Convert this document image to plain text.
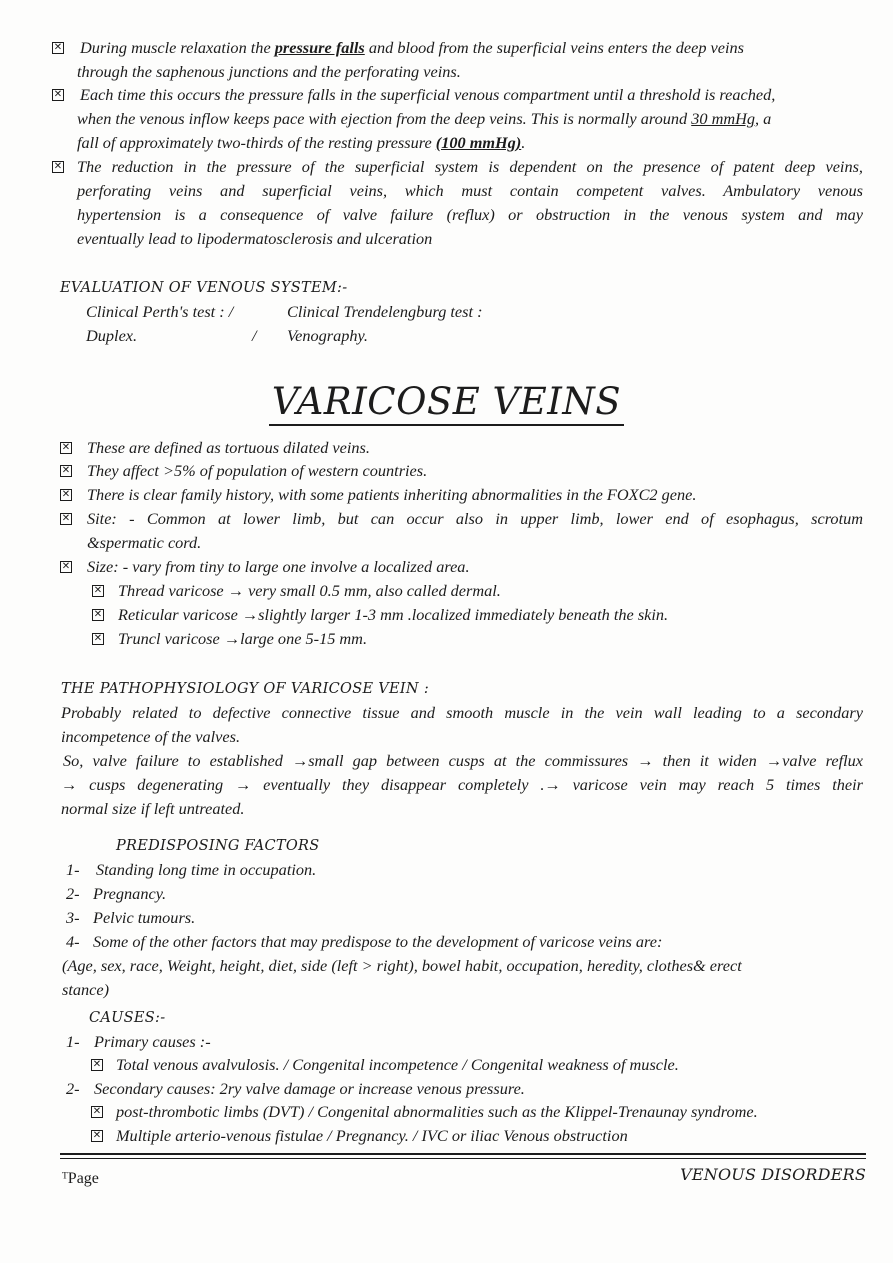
✕ During muscle relaxation the pressure falls and blood from the superficial veins enters the deep veins
through the saphenous junctions and the perforating veins.
✕ Each time this occurs the pressure falls in the superficial venous compartment until a threshold is reached,
when the venous inflow keeps pace with ejection from the deep veins. This is normally around 30 mmHg, a
fall of approximately two-thirds of the resting pressure (100 mmHg).
✕ The reduction in the pressure of the superficial system is dependent on the presence of patent deep veins,
perforating veins and superficial veins, which must contain competent valves. Ambulatory venous
hypertension is a consequence of valve failure (reflux) or obstruction in the venous system and may
eventually lead to lipodermatosclerosis and ulceration
EVALUATION OF VENOUS SYSTEM:-
Clinical Perth's test : /	Clinical Trendelengburg test :
Duplex.	/ Venography.
VARICOSE VEINS
✕ These are defined as tortuous dilated veins.
✕ They affect >5% of population of western countries.
✕ There is clear family history, with some patients inheriting abnormalities in the FOXC2 gene.
✕ Site: - Common at lower limb, but can occur also in upper limb, lower end of esophagus, scrotum
&spermatic cord.
✕ Size: - vary from tiny to large one involve a localized area.
✕ Thread varicose → very small 0.5 mm, also called dermal.
✕ Reticular varicose →slightly larger 1-3 mm .localized immediately beneath the skin.
✕ Truncl varicose →large one 5-15 mm.
THE PATHOPHYSIOLOGY OF VARICOSE VEIN :
Probably related to defective connective tissue and smooth muscle in the vein wall leading to a secondary
incompetence of the valves.
So, valve failure to established →small gap between cusps at the commissures → then it widen →valve reflux
→ cusps degenerating → eventually they disappear completely .→ varicose vein may reach 5 times their
normal size if left untreated.
PREDISPOSING FACTORS
1- Standing long time in occupation.
2- Pregnancy.
3- Pelvic tumours.
4- Some of the other factors that may predispose to the development of varicose veins are:
(Age, sex, race, Weight, height, diet, side (left > right), bowel habit, occupation, heredity, clothes& erect
stance)
CAUSES:-
1- Primary causes :-
✕ Total venous avalvulosis. / Congenital incompetence / Congenital weakness of muscle.
2- Secondary causes: 2ry valve damage or increase venous pressure.
✕ post-thrombotic limbs (DVT) / Congenital abnormalities such as the Klippel-Trenaunay syndrome.
✕ Multiple arterio-venous fistulae / Pregnancy. / IVC or iliac Venous obstruction
ᵀPage	VENOUS DISORDERS
